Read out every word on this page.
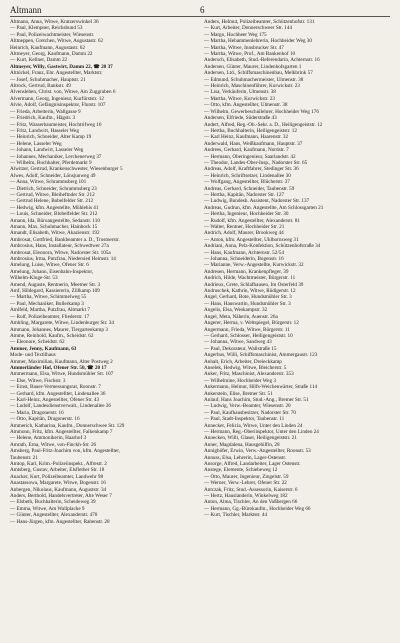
Altmann	6
Altmann, Anna, Witwe, Kratzerswinkel 36
— Paul, Klempner, Reichsbund 53
— Paul, Polizeiwachtmeister, Wiesenstr.
Altmeppen, Gretchen, Witwe, Augustastr. 62
Heinrich, Kaufmann, Augustastr. 62
Altmeyer, Georg, Kaufmann, Damm 22
— Kurt, Kellner, Damm 22
Altmeyer, Willy, Gastwirt, Damm 22, ☎ 20 37
Altnickel, Franz, Ehr. Angestellter, Marktstr.
— Josef, Schuhmacher, Hauptstr. 21
Altrock, Gertrud, Bankstr. 49
Alvensleben, Christ. von, Witwe, Am Zuggraben 6
Alvermann, Georg, Ingenieur, Kurfürststr. 12
Alvie, Adolf, Gefängnisinspektor, Flurstr. 107
— Frieda, Arbeiterin, Wallgasse 9
— Friedrich, Kaufm., Hägstr. 3
— Fritz, Wasserbaumeister, Hochtrifweg 16
— Fritz, Landwirt, Hasseler Weg
— Heinrich, Schneider, Alter Kamp 19
— Helene, Lasseler Weg
— Johann, Landwirt, Lasseler Weg
— Johannes, Mechaniker, Lerchenerweg 37
— Wilhelm, Buchhalter, Pferdemarkt 9
Alwitzer, Gertrud, Krankenschwester, Wiesenburger 5
Alwes, Adolf, Schneider, Lönsjunweg 49
— Anna, Witwe, Schrammsberg 101
— Dietrich, Schneider, Schrammsberg 23
— Gertrud, Witwe, Bleiheftnder Str. 212
— Gertrud Helene, Bobelfelder Str. 212
— Hedwig, kfm. Angestellte, Mühlehis 41
— Louis, Schneider, Blobelfelder Str. 212
Amann, Ida, Büroangestellte, Sedanstr. 110
Amann, Max, Schuhmacher, Hainbock 15
Amandt, Elisabeth, Witwe, Akazienstr. 192
Ambrosat, Gottfried, Bankbeamter a. D., Trostnerstr.
Ambrosius, Hans, Installateur, Schwedtwer 27a
Ambrosat, Eleonora, Witwe, Nadorster Str. 105a
Ambrosius, Irma, Putzfrau, Niedersied Heimstr. 14
Amelung, Luise, Witwe, Ofener Str. 6
Amelung, Johann, Eisenbahn-Inspektor,
Wilhelm-Kluge-Str. 53
Amend, Auguste, Rentnerin, Meemer Str. 3
Amf, Hildegard, Kassiererin, Zillkamp 109
— Martha, Witwe, Schimmelweg 55
— Paul, Mechaniker, Bullerkamp 3
Amlfeld, Martha, Putzfrau, Altmarkt 7
— Rolf, Polizeibeamter, Fliederstr. 17
Amhling, Margarete, Witwe, Lindenburger Str. 34
Ammann, Johannes, Maurer, Tiergartenkamp 3
Amme, Reinhold, Kaufm., Scheidstr. 62
— Eleonore, Scheidstr. 62
Ammer, Jenny, Kaufmann, 63
Mode- und Textilhaus
Ammer, Maximilian, Kaufmann, Alter Postweg 2
Ammerländer Hof, Ofener Str. 50, ☎ 20 17
Ammermann, Elsa, Witwe, Hundsmühler Str. 107
— Else, Witwe, Fischstr. 3
— Ernst, Bauer-Vermessungsrat, Roonstr. 7
— Gerhard, kfm. Angestellter, Lindenallee 36
— Karl-Heinz, Angestellter, Ofener Str. 43
— Ludolf, Landesdienstverwalt., Lindenallee 36
— Maria, Dragonerstr. 16
— Otto, Kapitän, Dragonerstr. 16
Ammerich, Katharina, Kaufm., Donnerschwee Str. 129
Ammonn, Fritz, kfm. Angestellter, Falkenkamp 7
— Helene, Ammonikerin, Haarhof 3
Amrath, Erna, Witwe, von-Finckh-Str. 26
Amsberg, Paul-Fritz-Joachim von, kfm. Angestellter,
Taubenstr. 21
Amtop, Karl, Krim.-Polizeiinspekt., Alfrestr. 2
Amtsberg, Gustav, Arbeiter, Elsflether Str. 18
Anacker, Kurt, Polizeibeamter, Landwehr 98
Anastassowa, Margarete, Witwe, Bogenstr. 16
Anbergen, Nikolaus, Kaufmann, Auguststr. 34
Anders, Berthold, Handelsvertreter, Alte Weser 7
— Elsbeth, Buchhalterin, Scheideweg 39
— Emma, Witwe, Am Wallplacke 9
— Günter, Angestellter, Alexanderstr. 470
— Hans-Jürgen, kfm. Angestellter, Rabenstr. 28
Anders, Helmut, Polizeibeamter, Schützenhofstr. 131
— Kurt, Arbeiter, Donnerschweer Str. 144
— Margo, Hochheer Weg 175
— Martha, Hebammenlehrerin, Hochheider Weg 30
— Martha, Witwe, Innsbrucker Str. 47
— Martha, Witwe, Prof., Am Bankenhof 10
Andersch, Elisabeth, Stud.-Referendarin, Achternstr. 16
Andersen, Günter, Maurer, Lindenhofsgarten 1
Andersen, Ltd., Schiffsmaschinenbau, Melkbrink 57
— Edmund, Schuhmachermeister, Ulmenstr. 38
— Heinrich, Maschinenführer, Kurwickstr. 23
— Lisa, Verkäuferin, Ulmenstr. 38
— Martha, Witwe, Kurwickstr. 23
— Otto, kfm. Angestellter, Ulmenstr. 38
— Wilhelm, Gewerbeschullehrer, Hochheider Weg 176
Andersen, Elfriede, Süderstraße 43
Andert, Alfred, Reg.-Ob.-Sekr. a. D., Heiligengeiststr. 12
— Hertha, Buchhalterin, Heiligengeiststr. 12
— Karl Heinz, Kaufmann, Haarenstr. 32
Anderwald, Hans, Weißkaufmann, Hauptstr. 37
Andrees, Gerhard, Kaufmann, Nordstr. 7
— Hermann, Oberingenieur, Saarlandstr. 42
— Theodor, Landes-Ober-Insp., Nadorster Str. 65
Andreas, Adolf, Kraftfahrer, Stedinger Str. 36
— Heinrich, Schriftsetzer, Lindenallee 30
— Wolfgang, Angestellter, Blücherstr. 37
Andreas, Gerhard, Schneider, Taubenstr. 59
— Hertha, Kapitän, Nadorster Str. 127
— Ludwig, Bundesb. Assistent, Nadorster Str. 137
Andreas, Gudrun, kfm. Angestellte, Am Schlossgarten 21
— Hertha, Ingenieur, Hochheider Str. 30
— Rudolf, kfm. Angestellter, Alexanderstr. 81
— Walter, Rentner, Hochheider Str. 21
Andrich, Adolf, Maurer, Brookweg 44
— Anton, kfm. Angestellter, Uhlhornsweg 31
Andriani, Anna, Pelz-Konfektion, Schützenhofstraße 34
— Hans, Kaufmann, Achternstr. 52/54
— Johanna, Schneiderin, Bogenstr. 16
— Marianne, Verw.-Angestellte, Kurwickstr. 32
Andresen, Hermann, Krankenpfleger, 39
Andrich, Hilde, Wachtmeister, Bürgerstr. 11
Andrieux, Grete, Schlafhausen, Im Osterfeld 39
Andruschek, Kathrin, Witwe, Rüdigerstr. 12
Angel, Gerhard, Bote, Hundsmühler Str. 3
— Hans, Hauswartin, Hundsmühler Str. 3
Angelis, Elsa, Weskampstr. 32
Angel, Meta, Näherin, Auenstr. 26a
Angerer, Herma, v. Weltspiegel, Bürgerstr. 12
Angermann, Frieda, Witwe, Bürgerstr. 11
— Gerhard, Schlosser, Heiligengeiststr. 10
— Johanna, Witwe, Sandweg 43
— Paul, Dekorateur, Wallstraße 15
Angerhus, Willi, Schiffsmaschinist, Ammergaustr. 123
Anhalt, Erich, Arbeiter, Dreieckkamp
Anselek, Hedwig, Witwe, Bleicherstr. 5
Anker, Fritz, Maschinist, Alexanderstr. 353
— Wilhelmine, Hochheider Weg 3
Ankermann, Helmut, Hilfs-Weichenwärter, Straße 114
Ankerstein, Elise, Bremer Str. 51
Anlauf, Hans Joachim, Stud.-Ang., Bremer Str. 51
— Ludwig, Verw.-Beamter, Wiesenstr. 20
— Paul, Kaufhausbesitzer, Nadorster Str. 70
— Paul, Stadt-Inspektor, Taubenstr. 11
Annecker, Felicia, Witwe, Unter den Linden 24
— Hermann, Reg.-Oberinspektor, Unter den Linden 24
Annecken, Willi, Glaser, Heiligengeiststr. 21
Anner, Magdalena, Hausgehilfin, 28
Annighöfer, Erwin, Verw.-Angestellter, Roonstr. 53
Annuss, Elsa, Lehrerin, Lager-Ostenstr.
Ansorge, Alfred, Landarbeiter, Lager Ostenstr.
Anstege, Elemente, Schiebeweg 12
— Otto, Maurer, Ingenieur, Zingelstr. 59
— Werner, Verw.-Lehrer, Ofener Str. 22
Antczak, Fritz, Stud.-Assessorin, Kaiserstr. 6
— Hertz, Hauslanderin, Winkelweg 182
Anton, Alma, Tischler, An den Voßbergen 66
— Hermann, Gg.-Bürokaufm., Hochheider Weg 66
— Kurt, Tischler, Marktstr. 44
